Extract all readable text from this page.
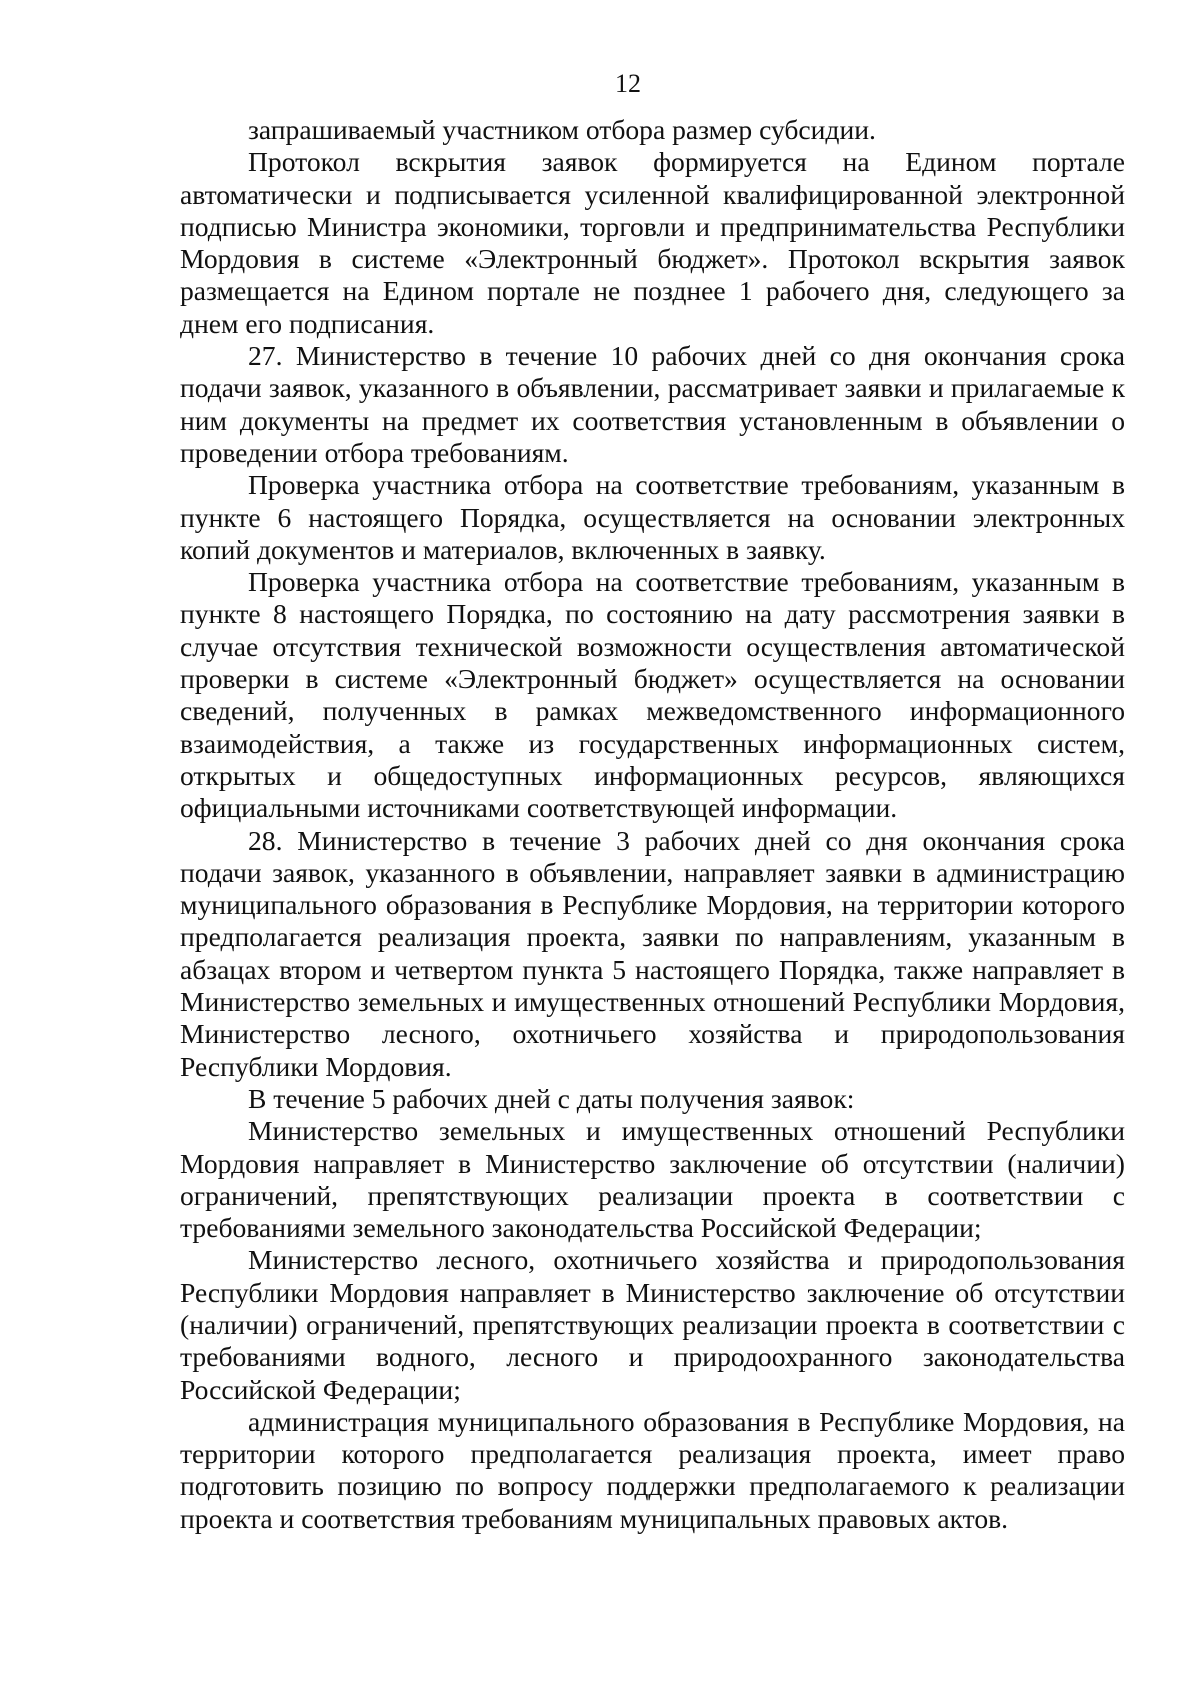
12

запрашиваемый участником отбора размер субсидии.

Протокол вскрытия заявок формируется на Едином портале автоматически и подписывается усиленной квалифицированной электронной подписью Министра экономики, торговли и предпринимательства Республики Мордовия в системе «Электронный бюджет». Протокол вскрытия заявок размещается на Едином портале не позднее 1 рабочего дня, следующего за днем его подписания.

27. Министерство в течение 10 рабочих дней со дня окончания срока подачи заявок, указанного в объявлении, рассматривает заявки и прилагаемые к ним документы на предмет их соответствия установленным в объявлении о проведении отбора требованиям.

Проверка участника отбора на соответствие требованиям, указанным в пункте 6 настоящего Порядка, осуществляется на основании электронных копий документов и материалов, включенных в заявку.

Проверка участника отбора на соответствие требованиям, указанным в пункте 8 настоящего Порядка, по состоянию на дату рассмотрения заявки в случае отсутствия технической возможности осуществления автоматической проверки в системе «Электронный бюджет» осуществляется на основании сведений, полученных в рамках межведомственного информационного взаимодействия, а также из государственных информационных систем, открытых и общедоступных информационных ресурсов, являющихся официальными источниками соответствующей информации.

28. Министерство в течение 3 рабочих дней со дня окончания срока подачи заявок, указанного в объявлении, направляет заявки в администрацию муниципального образования в Республике Мордовия, на территории которого предполагается реализация проекта, заявки по направлениям, указанным в абзацах втором и четвертом пункта 5 настоящего Порядка, также направляет в Министерство земельных и имущественных отношений Республики Мордовия, Министерство лесного, охотничьего хозяйства и природопользования Республики Мордовия.

В течение 5 рабочих дней с даты получения заявок:

Министерство земельных и имущественных отношений Республики Мордовия направляет в Министерство заключение об отсутствии (наличии) ограничений, препятствующих реализации проекта в соответствии с требованиями земельного законодательства Российской Федерации;

Министерство лесного, охотничьего хозяйства и природопользования Республики Мордовия направляет в Министерство заключение об отсутствии (наличии) ограничений, препятствующих реализации проекта в соответствии с требованиями водного, лесного и природоохранного законодательства Российской Федерации;

администрация муниципального образования в Республике Мордовия, на территории которого предполагается реализация проекта, имеет право подготовить позицию по вопросу поддержки предполагаемого к реализации проекта и соответствия требованиям муниципальных правовых актов.
